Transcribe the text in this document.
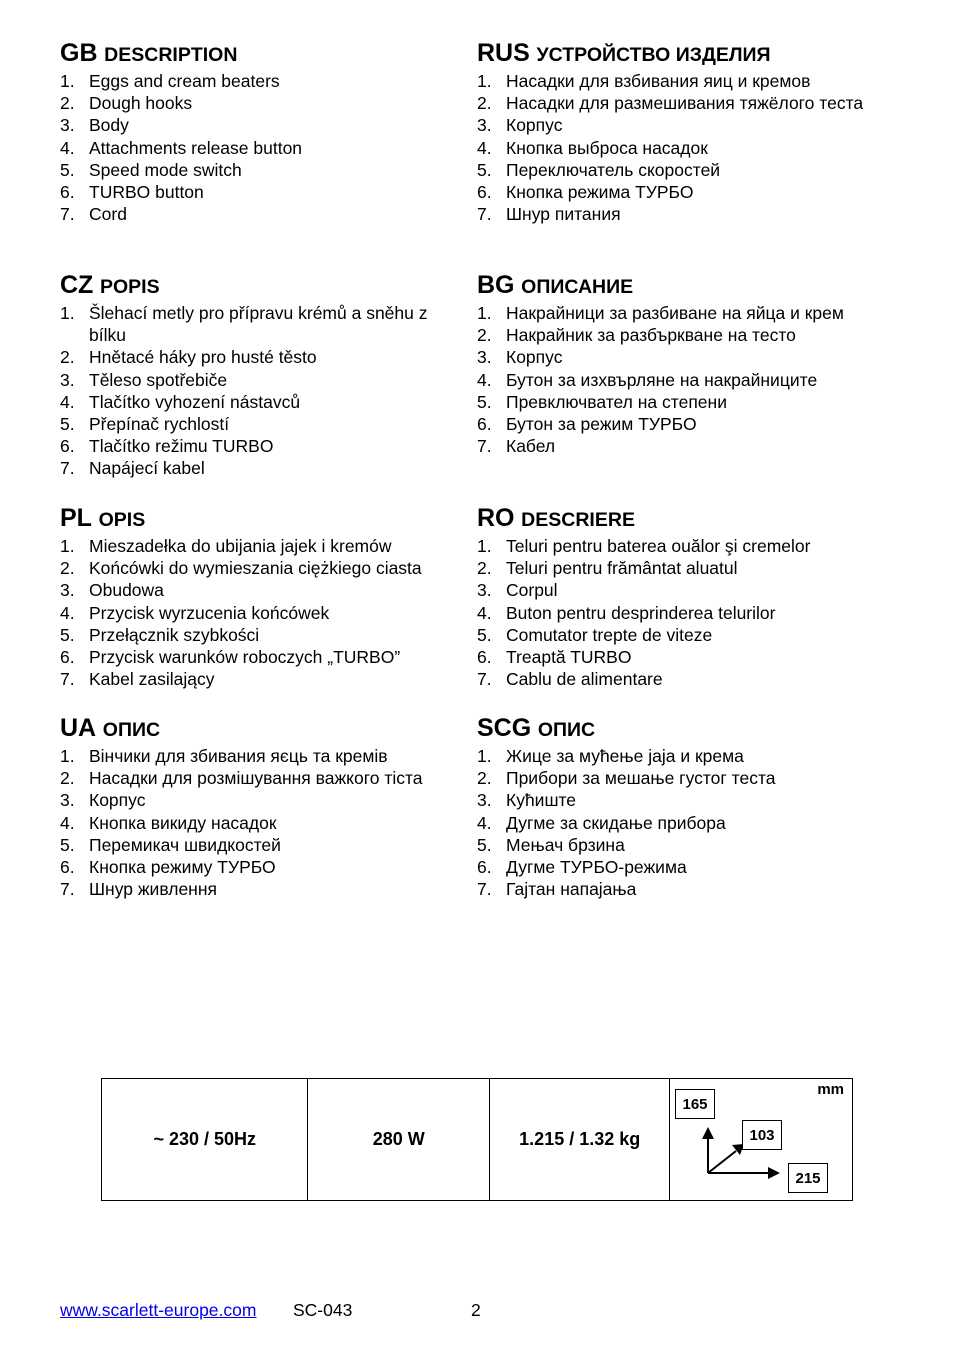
GB DESCRIPTION
1. Eggs and cream beaters
2. Dough hooks
3. Body
4. Attachments release button
5. Speed mode switch
6. TURBO button
7. Cord
CZ POPIS
1. Šlehací metly pro přípravu krémů a sněhu z bílku
2. Hnětacé háky pro husté těsto
3. Těleso spotřebiče
4. Tlačítko vyhození nástavců
5. Přepínač rychlostí
6. Tlačítko režimu TURBO
7. Napájecí kabel
PL OPIS
1. Mieszadełka do ubijania jajek i kremów
2. Końcówki do wymieszania ciężkiego ciasta
3. Obudowa
4. Przycisk wyrzucenia końcówek
5. Przełącznik szybkości
6. Przycisk warunków roboczych „TURBO”
7. Kabel zasilający
UA ОПИС
1. Вінчики для збивания яєць та кремів
2. Насадки для розмішування важкого тіста
3. Корпус
4. Кнопка викиду насадок
5. Перемикач швидкостей
6. Кнопка режиму ТУРБО
7. Шнур живлення
RUS УСТРОЙСТВО ИЗДЕЛИЯ
1. Насадки для взбивания яиц и кремов
2. Насадки для размешивания тяжёлого теста
3. Корпус
4. Кнопка выброса насадок
5. Переключатель скоростей
6. Кнопка режима ТУРБО
7. Шнур питания
BG ОПИСАНИЕ
1. Накрайници за разбиване на яйца и крем
2. Накрайник за разбъркване на тесто
3. Корпус
4. Бутон за изхвърляне на накрайниците
5. Превключвател на степени
6. Бутон за режим ТУРБО
7. Кабел
RO DESCRIERE
1. Teluri pentru baterea ouălor şi cremelor
2. Teluri pentru frământat aluatul
3. Corpul
4. Buton pentru desprinderea telurilor
5. Comutator trepte de viteze
6. Treaptă TURBO
7. Cablu de alimentare
SCG ОПИС
1. Жице за мућење јаја и крема
2. Прибори за мешање густог теста
3. Кућиште
4. Дугме за скидање прибора
5. Мењач брзина
6. Дугме ТУРБО-режима
7. Гајтан напајања
~ 230 / 50Hz	280 W	1.215 / 1.32 kg
mm
165
103
215
www.scarlett-europe.com SC-043	2
